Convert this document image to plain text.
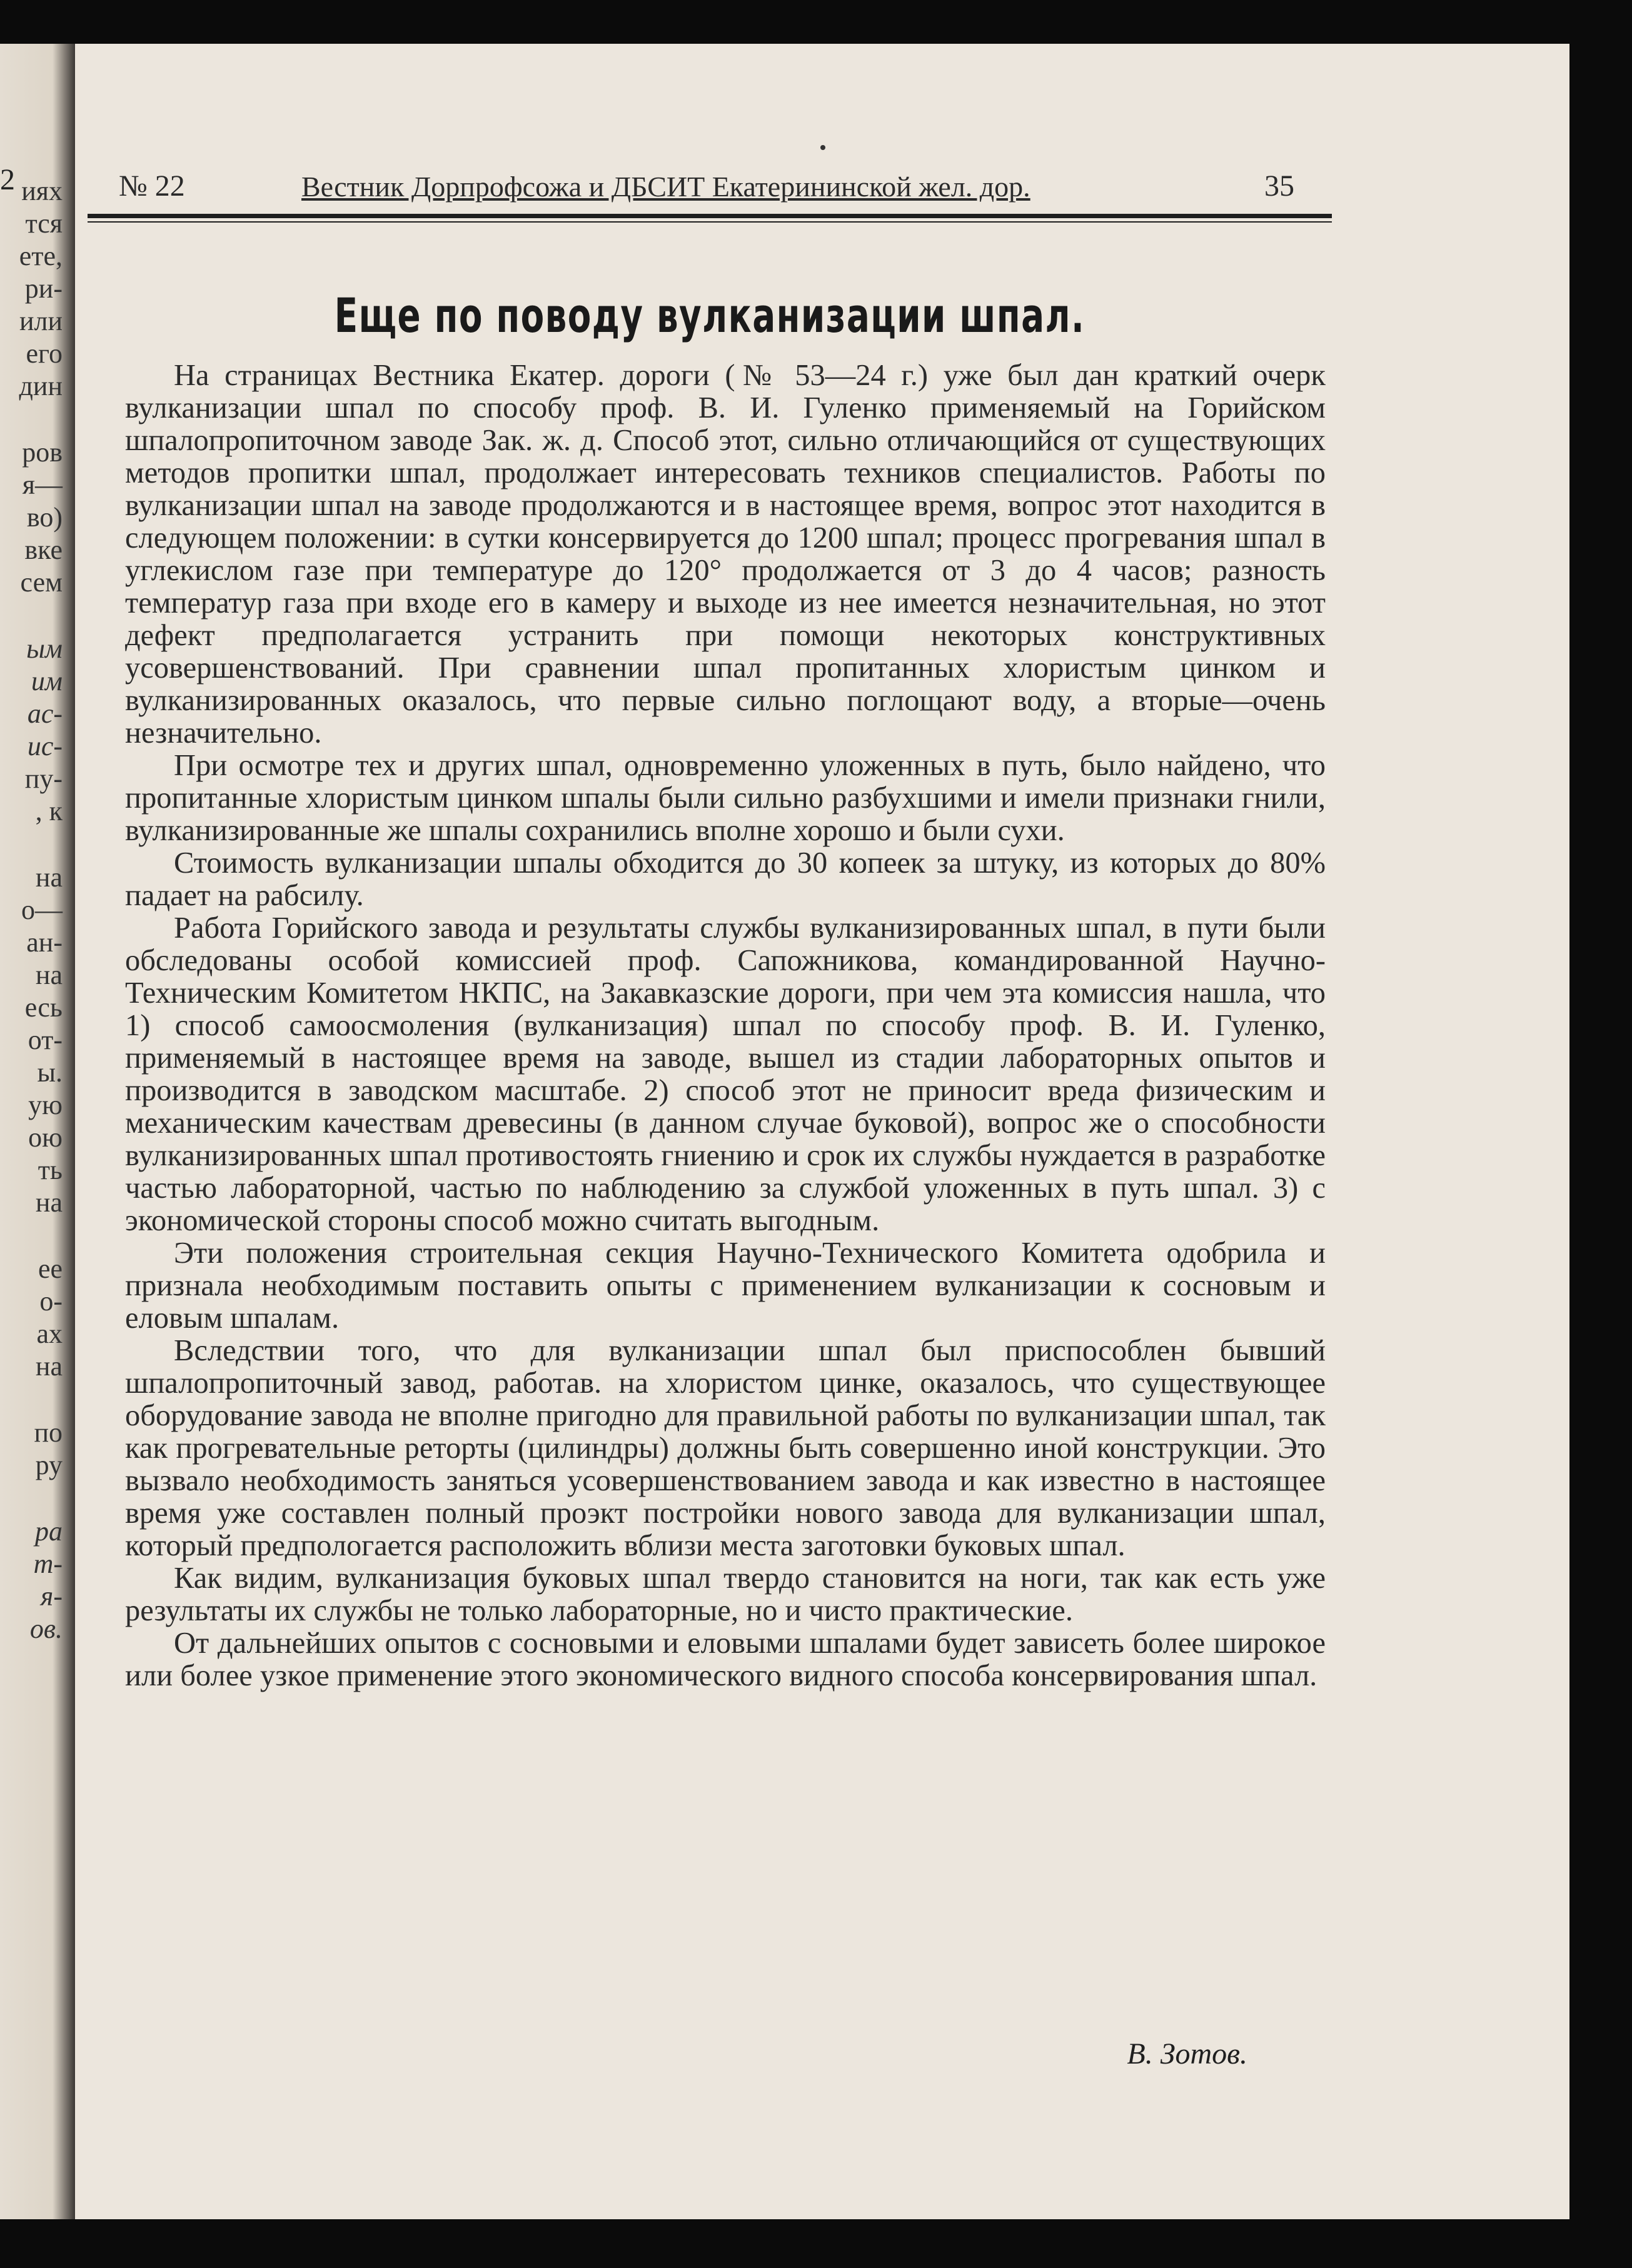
2 иях
тся
ете,
ри-
или
его
дин
ров
я—
во)
вке
сем
ым
им
ас-
ис-
пу-
, к
на
о—
ан-
на
есь
от-
ы.
ую
ою
ть
на
ее
о-
ах
на
по
ру
ра
т-
я-
ов.
№ 22	Вестник Дорпрофсожа и ДБСИТ Екатерининской жел. дор.	35
Еще по поводу вулканизации шпал.

На страницах Вестника Екатер. дороги (№ 53—24 г.) уже был дан краткий очерк вулканизации шпал по способу проф. В. И. Гуленко применяемый на Горийском шпалопропиточном заводе Зак. ж. д. Способ этот, сильно отличающийся от существующих методов пропитки шпал, продолжает интересовать техников специалистов. Работы по вулканизации шпал на заводе продолжаются и в настоящее время, вопрос этот находится в следующем положении: в сутки консервируется до 1200 шпал; процесс прогревания шпал в углекислом газе при температуре до 120° продолжается от 3 до 4 часов; разность температур газа при входе его в камеру и выходе из нее имеется незначительная, но этот дефект предполагается устранить при помощи некоторых конструктивных усовершенствований. При сравнении шпал пропитанных хлористым цинком и вулканизированных оказалось, что первые сильно поглощают воду, а вторые—очень незначительно.

При осмотре тех и других шпал, одновременно уложенных в путь, было найдено, что пропитанные хлористым цинком шпалы были сильно разбухшими и имели признаки гнили, вулканизированные же шпалы сохранились вполне хорошо и были сухи.

Стоимость вулканизации шпалы обходится до 30 копеек за штуку, из которых до 80% падает на рабсилу.

Работа Горийского завода и результаты службы вулканизированных шпал, в пути были обследованы особой комиссией проф. Сапожникова, командированной Научно-Техническим Комитетом НКПС, на Закавказские дороги, при чем эта комиссия нашла, что 1) способ самоосмоления (вулканизация) шпал по способу проф. В. И. Гуленко, применяемый в настоящее время на заводе, вышел из стадии лабораторных опытов и производится в заводском масштабе. 2) способ этот не приносит вреда физическим и механическим качествам древесины (в данном случае буковой), вопрос же о способности вулканизированных шпал противостоять гниению и срок их службы нуждается в разработке частью лабораторной, частью по наблюдению за службой уложенных в путь шпал. 3) с экономической стороны способ можно считать выгодным.

Эти положения строительная секция Научно-Технического Комитета одобрила и признала необходимым поставить опыты с применением вулканизации к сосновым и еловым шпалам.

Вследствии того, что для вулканизации шпал был приспособлен бывший шпалопропиточный завод, работав. на хлористом цинке, оказалось, что существующее оборудование завода не вполне пригодно для правильной работы по вулканизации шпал, так как прогревательные реторты (цилиндры) должны быть совершенно иной конструкции. Это вызвало необходимость заняться усовершенствованием завода и как известно в настоящее время уже составлен полный проэкт постройки нового завода для вулканизации шпал, который предпологается расположить вблизи места заготовки буковых шпал.

Как видим, вулканизация буковых шпал твердо становится на ноги, так как есть уже результаты их службы не только лабораторные, но и чисто практические.

От дальнейших опытов с сосновыми и еловыми шпалами будет зависеть более широкое или более узкое применение этого экономического видного способа консервирования шпал.

В. Зотов.
